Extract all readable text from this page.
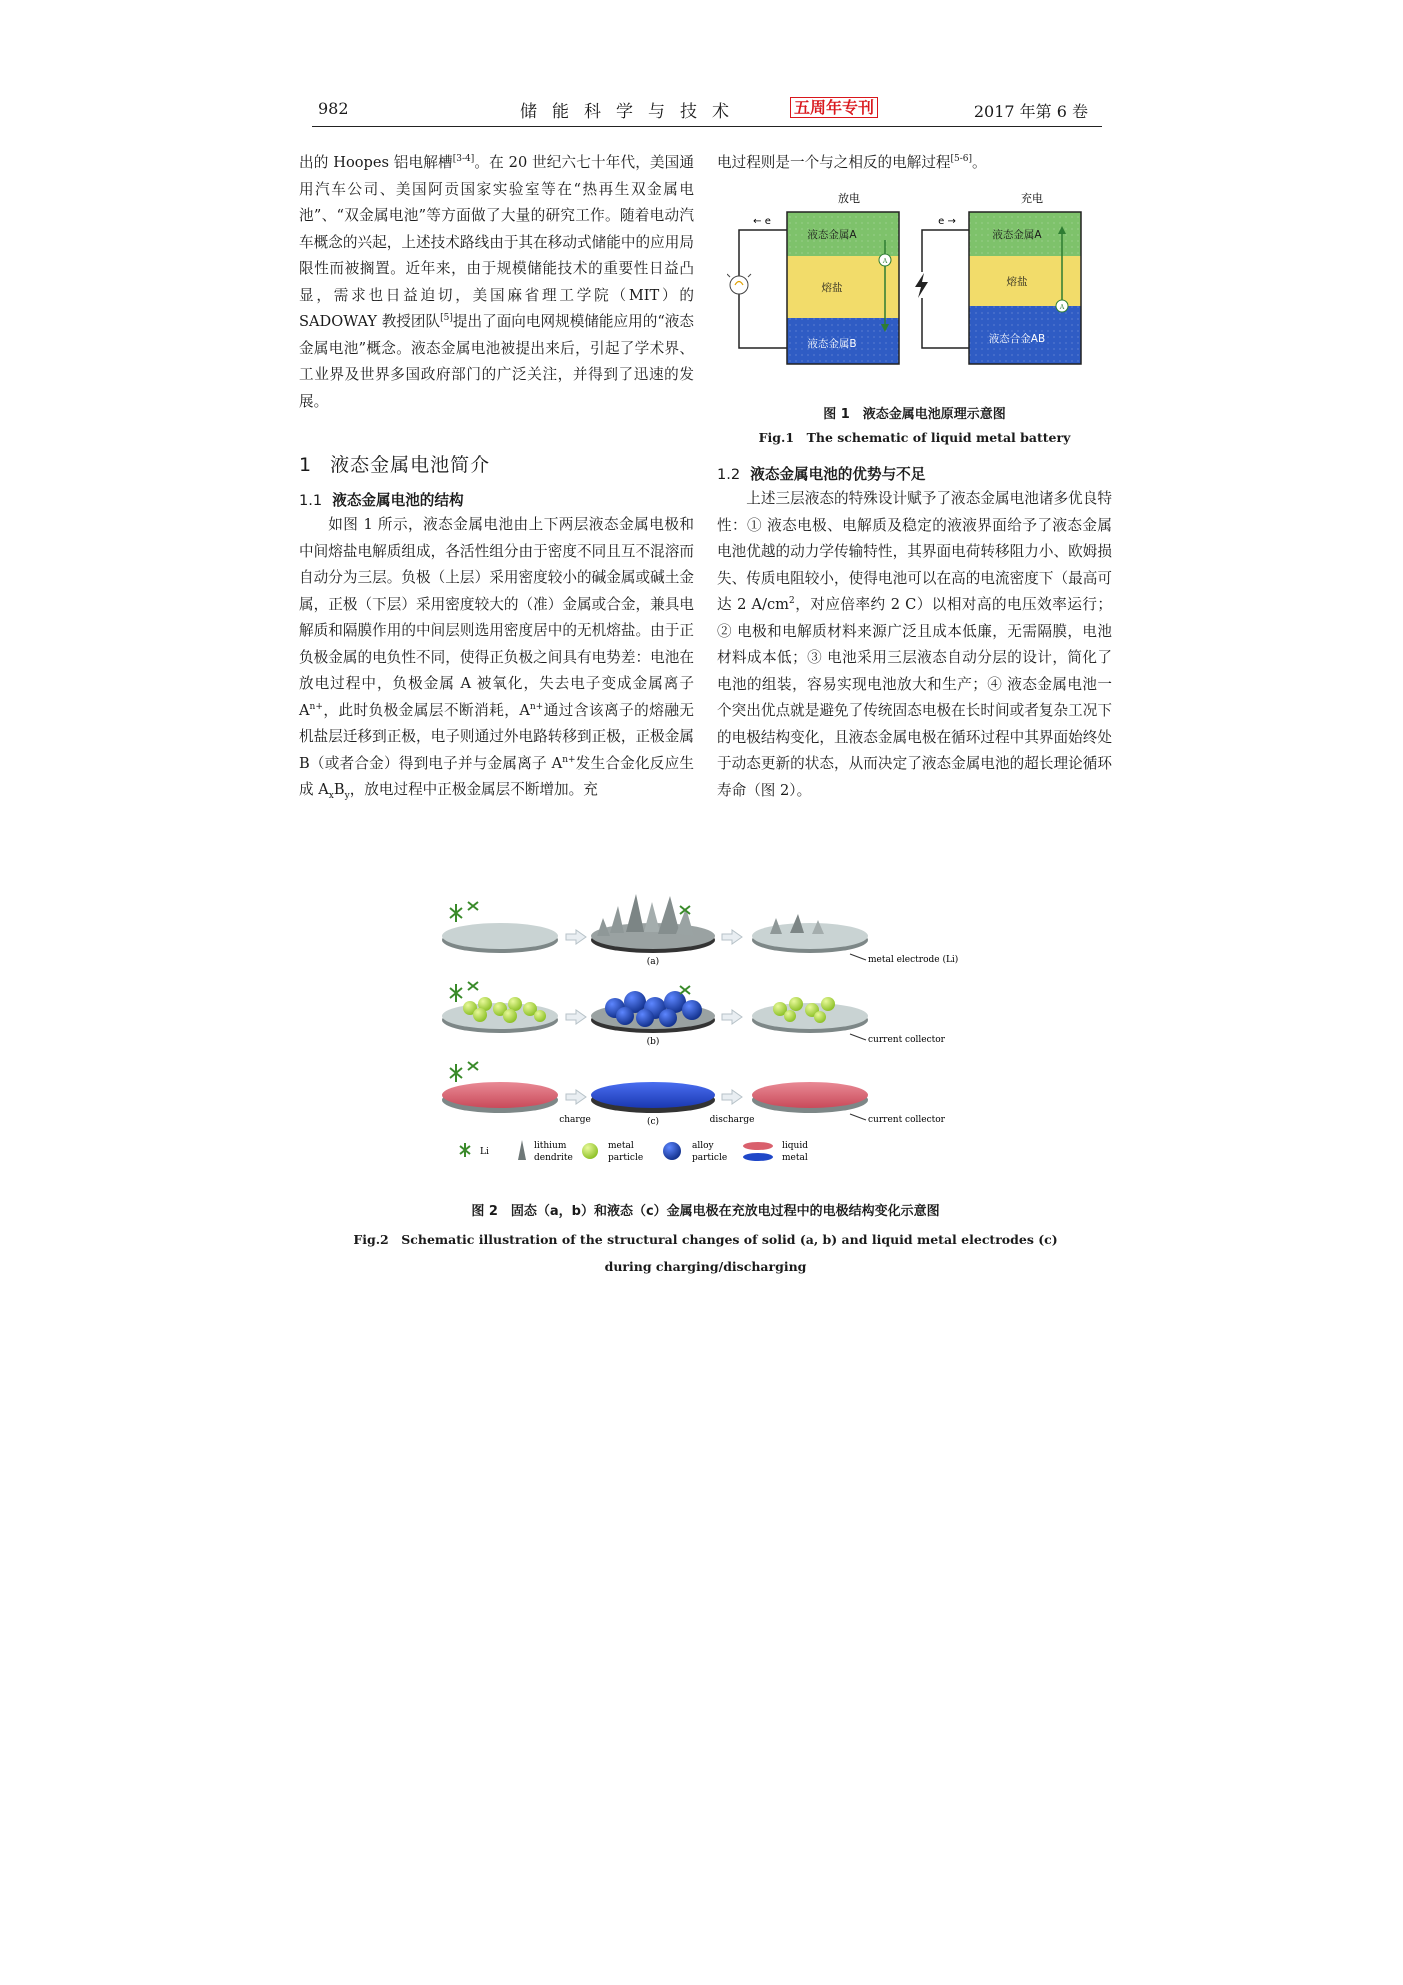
982	储能科学与技术	五周年专刊	2017 年第 6 卷

出的 Hoopes 铝电解槽[3-4]。在 20 世纪六七十年代，美国通用汽车公司、美国阿贡国家实验室等在“热再生双金属电池”、“双金属电池”等方面做了大量的研究工作。随着电动汽车概念的兴起，上述技术路线由于其在移动式储能中的应用局限性而被搁置。近年来，由于规模储能技术的重要性日益凸显，需求也日益迫切，美国麻省理工学院（MIT）的 SADOWAY 教授团队[5]提出了面向电网规模储能应用的“液态金属电池”概念。液态金属电池被提出来后，引起了学术界、工业界及世界多国政府部门的广泛关注，并得到了迅速的发展。

1 液态金属电池简介
1.1 液态金属电池的结构

如图 1 所示，液态金属电池由上下两层液态金属电极和中间熔盐电解质组成，各活性组分由于密度不同且互不混溶而自动分为三层。负极（上层）采用密度较小的碱金属或碱土金属，正极（下层）采用密度较大的（准）金属或合金，兼具电解质和隔膜作用的中间层则选用密度居中的无机熔盐。由于正负极金属的电负性不同，使得正负极之间具有电势差：电池在放电过程中，负极金属 A 被氧化，失去电子变成金属离子 $A^{n+}$，此时负极金属层不断消耗，$A^{n+}$通过含该离子的熔融无机盐层迁移到正极，电子则通过外电路转移到正极，正极金属 B（或者合金）得到电子并与金属离子 $A^{n+}$发生合金化反应生成 $A_xB_y$，放电过程中正极金属层不断增加。充

电过程则是一个与之相反的电解过程[5-6]。

放电	充电
液态金属A
熔盐
液态金属B
A
← e
液态金属A
熔盐
液态合金AB
A
e →
图 1　液态金属电池原理示意图
Fig.1　The schematic of liquid metal battery
1.2 液态金属电池的优势与不足

上述三层液态的特殊设计赋予了液态金属电池诸多优良特性：① 液态电极、电解质及稳定的液液界面给予了液态金属电池优越的动力学传输特性，其界面电荷转移阻力小、欧姆损失、传质电阻较小，使得电池可以在高的电流密度下（最高可达 2 $A/cm^2$，对应倍率约 2 C）以相对高的电压效率运行；② 电极和电解质材料来源广泛且成本低廉，无需隔膜，电池材料成本低；③ 电池采用三层液态自动分层的设计，简化了电池的组装，容易实现电池放大和生产；④ 液态金属电池一个突出优点就是避免了传统固态电极在长时间或者复杂工况下的电极结构变化，且液态金属电极在循环过程中其界面始终处于动态更新的状态，从而决定了液态金属电池的超长理论循环寿命（图 2）。

(a)	metal electrode (Li)
(b)	current collector
charge	(c)	discharge	current collector
Li
lithium
dendrite
metal
particle
alloy
particle
liquid
metal
图 2　固态（a，b）和液态（c）金属电极在充放电过程中的电极结构变化示意图
Fig.2　Schematic illustration of the structural changes of solid (a, b) and liquid metal electrodes (c) during charging/discharging
